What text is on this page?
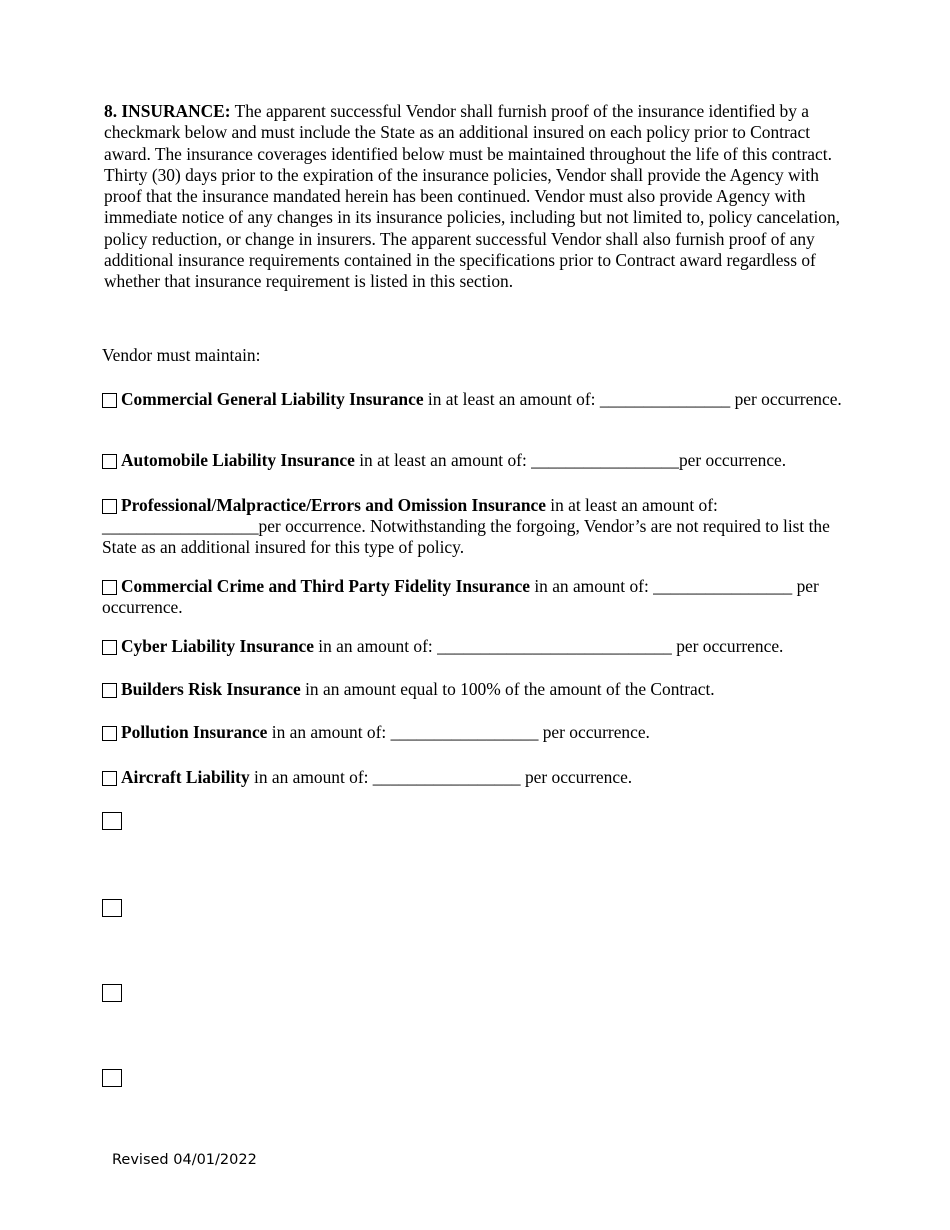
8. INSURANCE: The apparent successful Vendor shall furnish proof of the insurance identified by a checkmark below and must include the State as an additional insured on each policy prior to Contract award. The insurance coverages identified below must be maintained throughout the life of this contract. Thirty (30) days prior to the expiration of the insurance policies, Vendor shall provide the Agency with proof that the insurance mandated herein has been continued. Vendor must also provide Agency with immediate notice of any changes in its insurance policies, including but not limited to, policy cancelation, policy reduction, or change in insurers. The apparent successful Vendor shall also furnish proof of any additional insurance requirements contained in the specifications prior to Contract award regardless of whether that insurance requirement is listed in this section.

Vendor must maintain:
Commercial General Liability Insurance in at least an amount of: _______________ per occurrence.
Automobile Liability Insurance in at least an amount of: _________________per occurrence.
Professional/Malpractice/Errors and Omission Insurance in at least an amount of: __________________per occurrence. Notwithstanding the forgoing, Vendor’s are not required to list the State as an additional insured for this type of policy.
Commercial Crime and Third Party Fidelity Insurance in an amount of: ________________ per occurrence.
Cyber Liability Insurance in an amount of: ___________________________ per occurrence.
Builders Risk Insurance in an amount equal to 100% of the amount of the Contract.
Pollution Insurance in an amount of: _________________ per occurrence.
Aircraft Liability in an amount of: _________________ per occurrence.
Revised 04/01/2022
